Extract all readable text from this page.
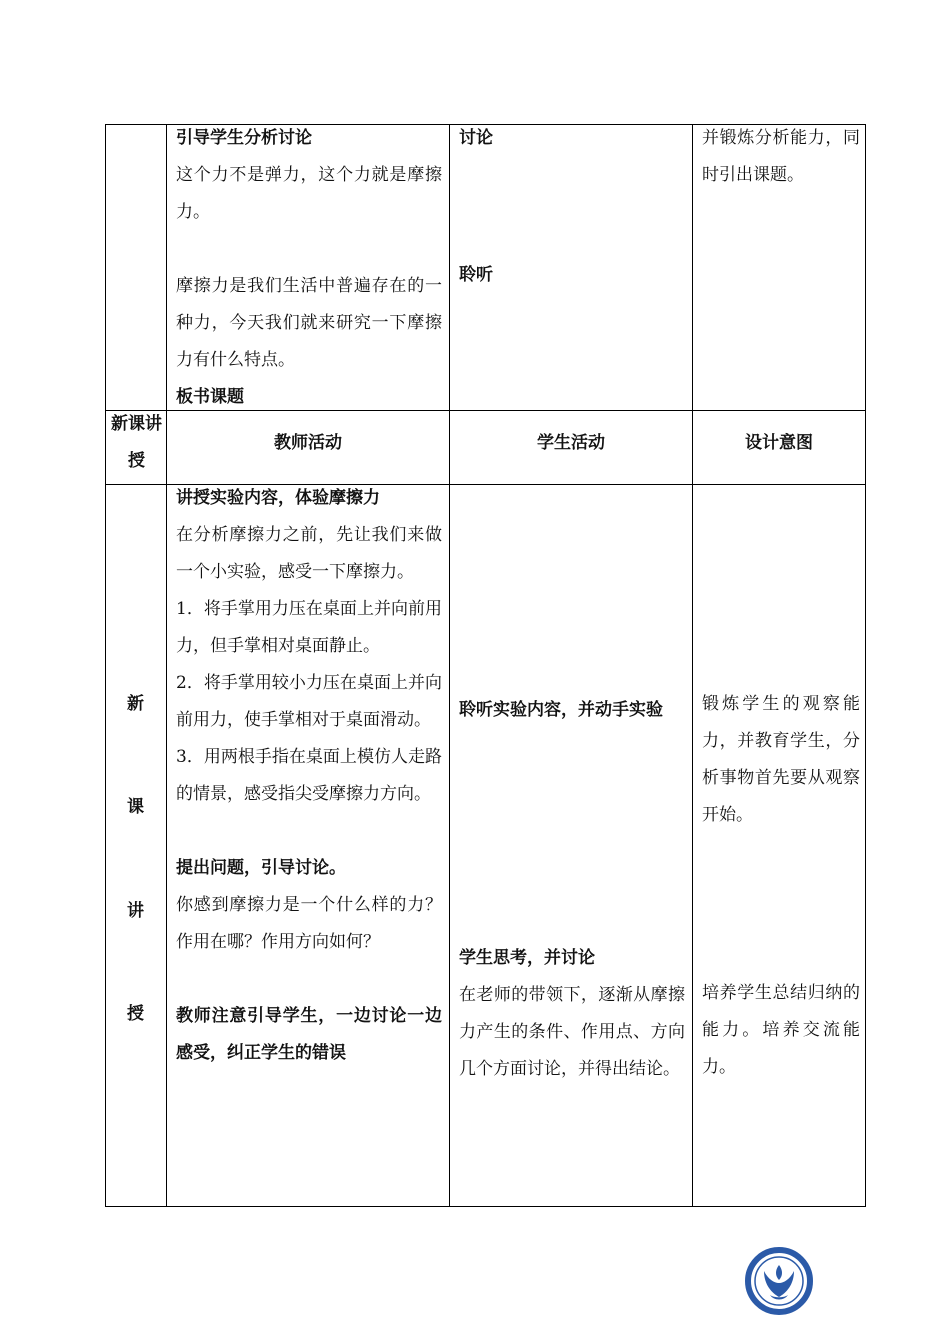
引导学生分析讨论

这个力不是弹力，这个力就是摩擦力。

摩擦力是我们生活中普遍存在的一种力，今天我们就来研究一下摩擦力有什么特点。

板书课题

讨论
聆听
并锻炼分析能力，同时引出课题。
新课讲授
教师活动	学生活动	设计意图
新
课
讲
授

讲授实验内容，体验摩擦力

在分析摩擦力之前，先让我们来做一个小实验，感受一下摩擦力。

1．将手掌用力压在桌面上并向前用力，但手掌相对桌面静止。

2．将手掌用较小力压在桌面上并向前用力，使手掌相对于桌面滑动。

3．用两根手指在桌面上模仿人走路的情景，感受指尖受摩擦力方向。

提出问题，引导讨论。

你感到摩擦力是一个什么样的力？作用在哪？作用方向如何？

教师注意引导学生，一边讨论一边感受，纠正学生的错误

聆听实验内容，并动手实验

学生思考，并讨论

在老师的带领下，逐渐从摩擦力产生的条件、作用点、方向几个方面讨论，并得出结论。

锻炼学生的观察能力，并教育学生，分析事物首先要从观察开始。
培养学生总结归纳的能力。培养交流能力。
